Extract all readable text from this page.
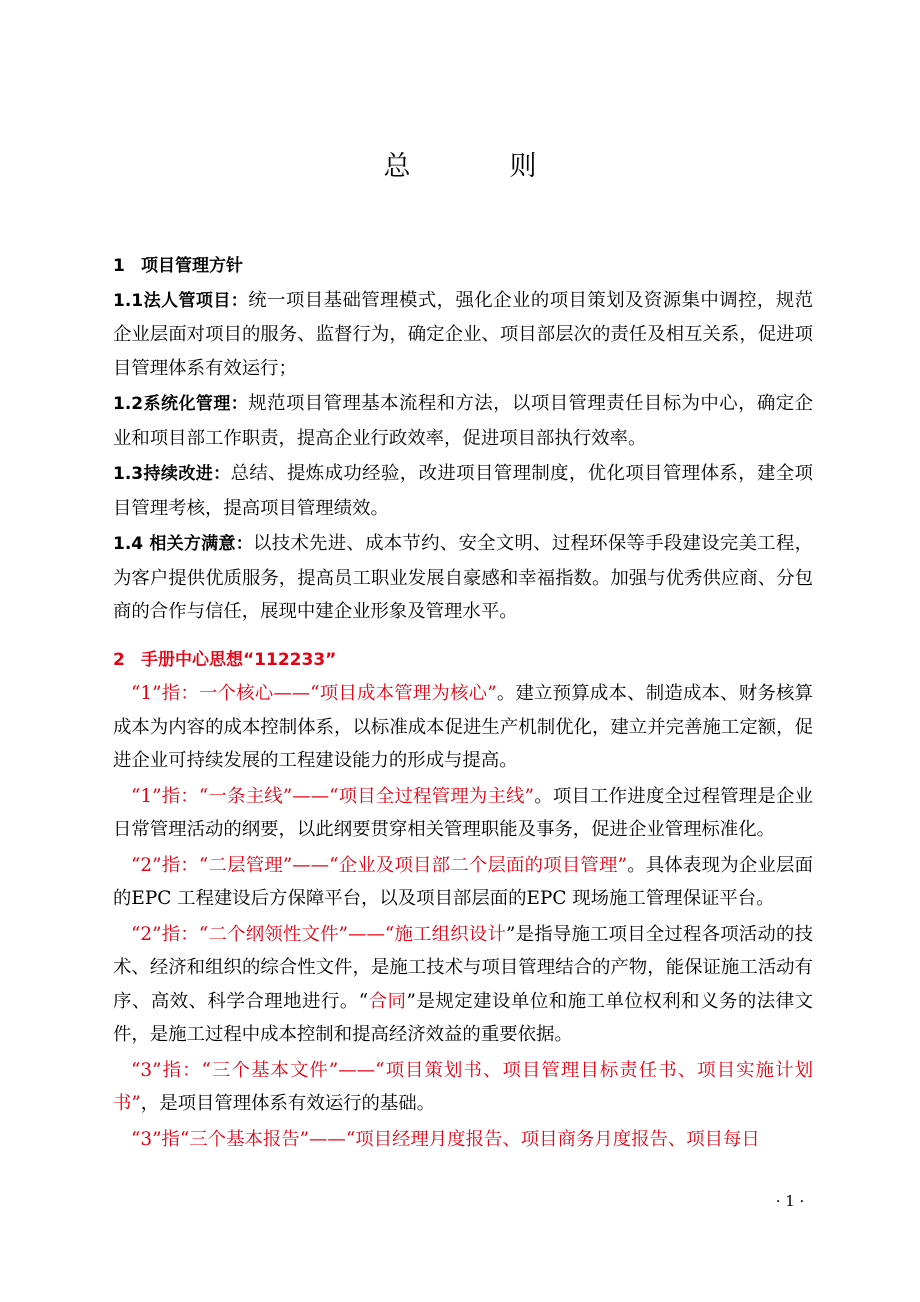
总　则
1 项目管理方针

1.1法人管项目：统一项目基础管理模式，强化企业的项目策划及资源集中调控，规范企业层面对项目的服务、监督行为，确定企业、项目部层次的责任及相互关系，促进项目管理体系有效运行；

1.2系统化管理：规范项目管理基本流程和方法，以项目管理责任目标为中心，确定企业和项目部工作职责，提高企业行政效率，促进项目部执行效率。

1.3持续改进：总结、提炼成功经验，改进项目管理制度，优化项目管理体系，建全项目管理考核，提高项目管理绩效。

1.4 相关方满意：以技术先进、成本节约、安全文明、过程环保等手段建设完美工程，为客户提供优质服务，提高员工职业发展自豪感和幸福指数。加强与优秀供应商、分包商的合作与信任，展现中建企业形象及管理水平。

2 手册中心思想“112233”

“1”指：一个核心——“项目成本管理为核心”。建立预算成本、制造成本、财务核算成本为内容的成本控制体系，以标准成本促进生产机制优化，建立并完善施工定额，促进企业可持续发展的工程建设能力的形成与提高。

“1”指：“一条主线”——“项目全过程管理为主线”。项目工作进度全过程管理是企业日常管理活动的纲要，以此纲要贯穿相关管理职能及事务，促进企业管理标准化。

“2”指：“二层管理”——“企业及项目部二个层面的项目管理”。具体表现为企业层面的EPC 工程建设后方保障平台，以及项目部层面的EPC 现场施工管理保证平台。

“2”指：“二个纲领性文件”——“施工组织设计”是指导施工项目全过程各项活动的技术、经济和组织的综合性文件，是施工技术与项目管理结合的产物，能保证施工活动有序、高效、科学合理地进行。“合同”是规定建设单位和施工单位权利和义务的法律文件，是施工过程中成本控制和提高经济效益的重要依据。

“3”指：“三个基本文件”——“项目策划书、项目管理目标责任书、项目实施计划书”，是项目管理体系有效运行的基础。

“3”指“三个基本报告”——“项目经理月度报告、项目商务月度报告、项目每日

· 1 ·
